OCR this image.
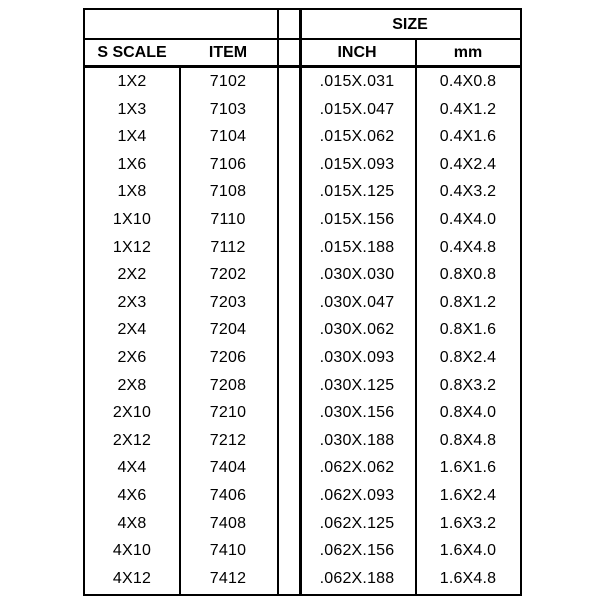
SIZE
S SCALE	ITEM	INCH	mm
1X2	7102	.015X.031	0.4X0.8
1X3	7103	.015X.047	0.4X1.2
1X4	7104	.015X.062	0.4X1.6
1X6	7106	.015X.093	0.4X2.4
1X8	7108	.015X.125	0.4X3.2
1X10	7110	.015X.156	0.4X4.0
1X12	7112	.015X.188	0.4X4.8
2X2	7202	.030X.030	0.8X0.8
2X3	7203	.030X.047	0.8X1.2
2X4	7204	.030X.062	0.8X1.6
2X6	7206	.030X.093	0.8X2.4
2X8	7208	.030X.125	0.8X3.2
2X10	7210	.030X.156	0.8X4.0
2X12	7212	.030X.188	0.8X4.8
4X4	7404	.062X.062	1.6X1.6
4X6	7406	.062X.093	1.6X2.4
4X8	7408	.062X.125	1.6X3.2
4X10	7410	.062X.156	1.6X4.0
4X12	7412	.062X.188	1.6X4.8
